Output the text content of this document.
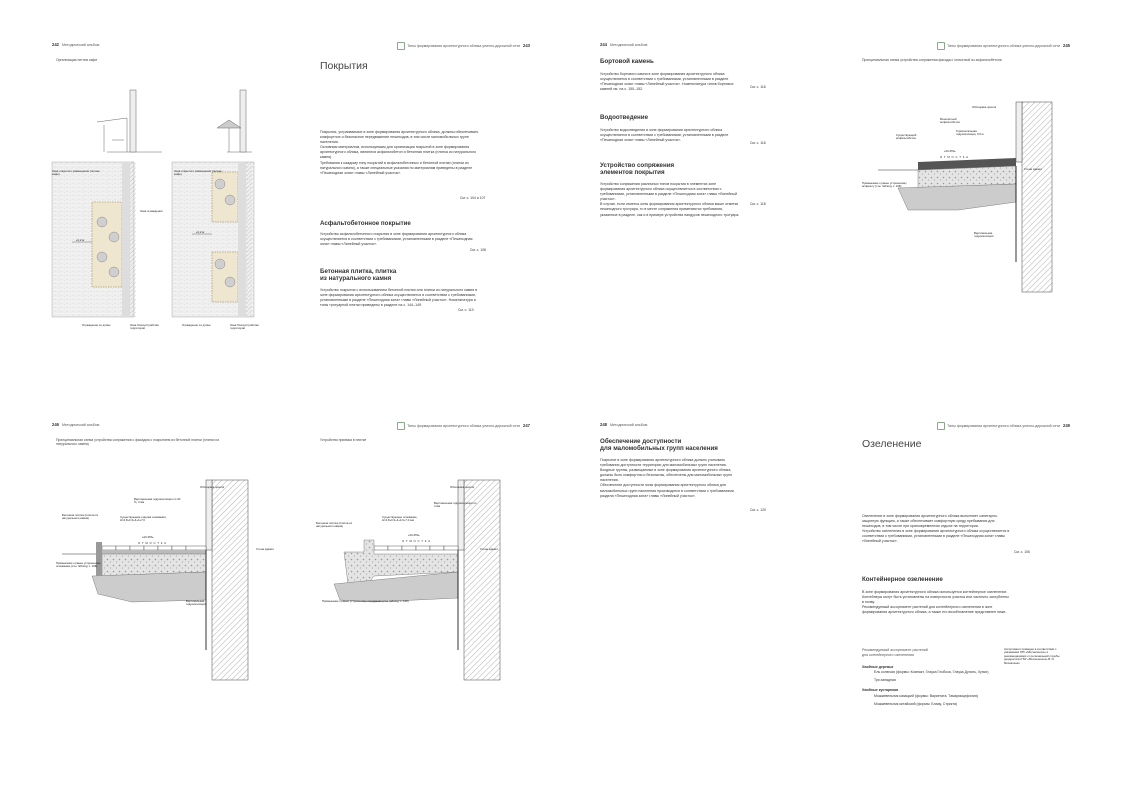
242 Методический альбом	Типы формирования архитектурного облика улично-дорожной сети 243
Организация летних кафе
Зона открытого размещения (летнее кафе)
Зона открытого размещения (летнее кафе)
Зона ограждения
≥1,2 м
≥1,2 м
Ограждение по длине	Зона благоустройства территории
Ограждение по длине	Зона благоустройства территории
Покрытия
Покрытия, устраиваемые в зоне формирования архитектурного облика, должны обеспечивать комфортное и безопасное передвижение пешеходов, в том числе маломобильных групп населения.
Основным материалом, используемым для организации покрытий в зоне формирования архитектурного облика, являются асфальтобетон и бетонная плитка (плитка из натурального камня).
Требования к каждому типу покрытий в асфальтобетонных и бетонной плитки (плитки из натурального камня), а также специальные указания по материалам приведены в разделе «Пешеходная зона» главы «Линейный участок».
См. с. 104 и 107
Асфальтобетонное покрытие
Устройство асфальтобетонного покрытия в зоне формирования архитектурного облика осуществляется в соответствии с требованиями, установленными в разделе «Пешеходная зона» главы «Линейный участок».
См. с. 108
Бетонная плитка, плитка
из натурального камня
Устройство покрытия с использованием бетонной плитки или плитки из натурального камня в зоне формирования архитектурного облика осуществляется в соответствии с требованиями, установленными в разделе «Пешеходная зона» главы «Линейный участок». Номенклатура и типы тротуарной плитки приведены в разделе на с. 144–149.
См. с. 110
244 Методический альбом	Типы формирования архитектурного облика улично-дорожной сети 245
Бортовой камень
Устройство бортового камня в зоне формирования архитектурного облика осуществляется в соответствии с требованиями, установленными в разделе «Пешеходная зона» главы «Линейный участок». Номенклатура типов бортовых камней см. на с. 150–152.
См. с. 116
Водоотведение
Устройство водоотведения в зоне формирования архитектурного облика осуществляется в соответствии с требованиями, установленными в разделе «Пешеходная зона» главы «Линейный участок».
См. с. 116
Устройство сопряжения
элементов покрытия
Устройство сопряжения различных типов покрытия в элементах зоне формирования архитектурного облика осуществляется в соответствии с требованиями, установленными в разделе «Пешеходная зона» главы «Линейный участок».
В случае, если отметка зоны формирования архитектурного облика выше отметки пешеходного тротуара, то в месте сопряжения применяются требования, указанные в разделе, как и в примере устройства пандусов пешеходного тротуара.
См. с. 118
Принципиальная схема устройства сопряжения фасада с отмосткой из асфальтобетона
Облицовка цоколя
Монолитный асфальтобетон
Горизонтальная гидроизоляция, 0,5 м
≥10-25‰
О Т М О С Т К А
Существующий асфальтобетон
Стена здания
Примыкание к ранее устроенному асфальту (сты таблицу с. 108)
Вертикальная гидроизоляция
246 Методический альбом	Типы формирования архитектурного облика улично-дорожной сети 247
Принципиальная схема устройства сопряжения с фасадом с покрытием из бетонной плитки (плитки из натурального камня)
Облицовка цоколя
Вертикальная гидроизоляция по 30 %, 4 мм
Бетонная плитка (плитка из натурального камня)	Существующая отделка основания, Н=4,8+0,3+4+4+7,0
≥10-25‰
О Т М О С Т К А
Примыкание к ранее устроенному основанию (сты таблицу с. 108)
Стена здания
Вертикальная гидроизоляция
Устройство приямка в плитке
Облицовка цоколя
Вертикальная гидроизоляция по 4 мм
Бетонная плитка (плитка из натурального камня)
Существующее основание, Н=4,8+0,3+4+4,6+7,0 мм
≥10-25‰
О Т М О С Т К А
Примыкание к ранее устроенному основанию (сты таблицу с. 108)
Стена здания
248 Методический альбом	Типы формирования архитектурного облика улично-дорожной сети 249
Обеспечение доступности
для маломобильных групп населения
Покрытие в зоне формирования архитектурного облика должно учитывать требования доступности территории для маломобильных групп населения.
Входные группы, размещаемые в зоне формирования архитектурного облика, должны быть комфортны и безопасны, обеспечены для маломобильных групп населения.
Обеспечение доступности зоны формирования архитектурного облика для маломобильных групп населения производится в соответствии с требованиями раздела «Пешеходная зона» главы «Линейный участок».
См. с. 120
Озеленение
Озеленение в зоне формирования архитектурного облика выполняет санитарно-защитную функцию, а также обеспечивает комфортную среду пребывания для пешеходов, в том числе при кратковременном отдыхе на территории.
Устройство озеленения в зоне формирования архитектурного облика осуществляется в соответствии с требованиями, установленными в разделе «Пешеходная зона» главы «Линейный участок».
См. с. 106
Контейнерное озеленение
В зоне формирования архитектурного облика используется контейнерное озеленение.
Контейнеры могут быть установлены на поверхности участка или частично заглублены в почву.
Рекомендуемый ассортимент растений для контейнерного озеленения в зоне формирования архитектурного облика, а также его возобновление представлен ниже.
Рекомендуемый ассортимент растений
для контейнерного озеленения
Ассортимент приведен в соответствии с указаниями ГБУ «Мосзеленхоз» и рекомендациями от региональной службы дендрологии ГБУ «Мосзеленхоз» В. И. Москаленко
Хвойные деревья
Ель колючая (формы: Компакт, Глаука Глобоза, Глаука Дугаль, Хупси)
Туя западная
Хвойные кустарники
Можжевельник казацкий (формы: Вариегата, Тамарисцифолия)
Можжевельник китайский (формы: Блаау, Стрикта)
